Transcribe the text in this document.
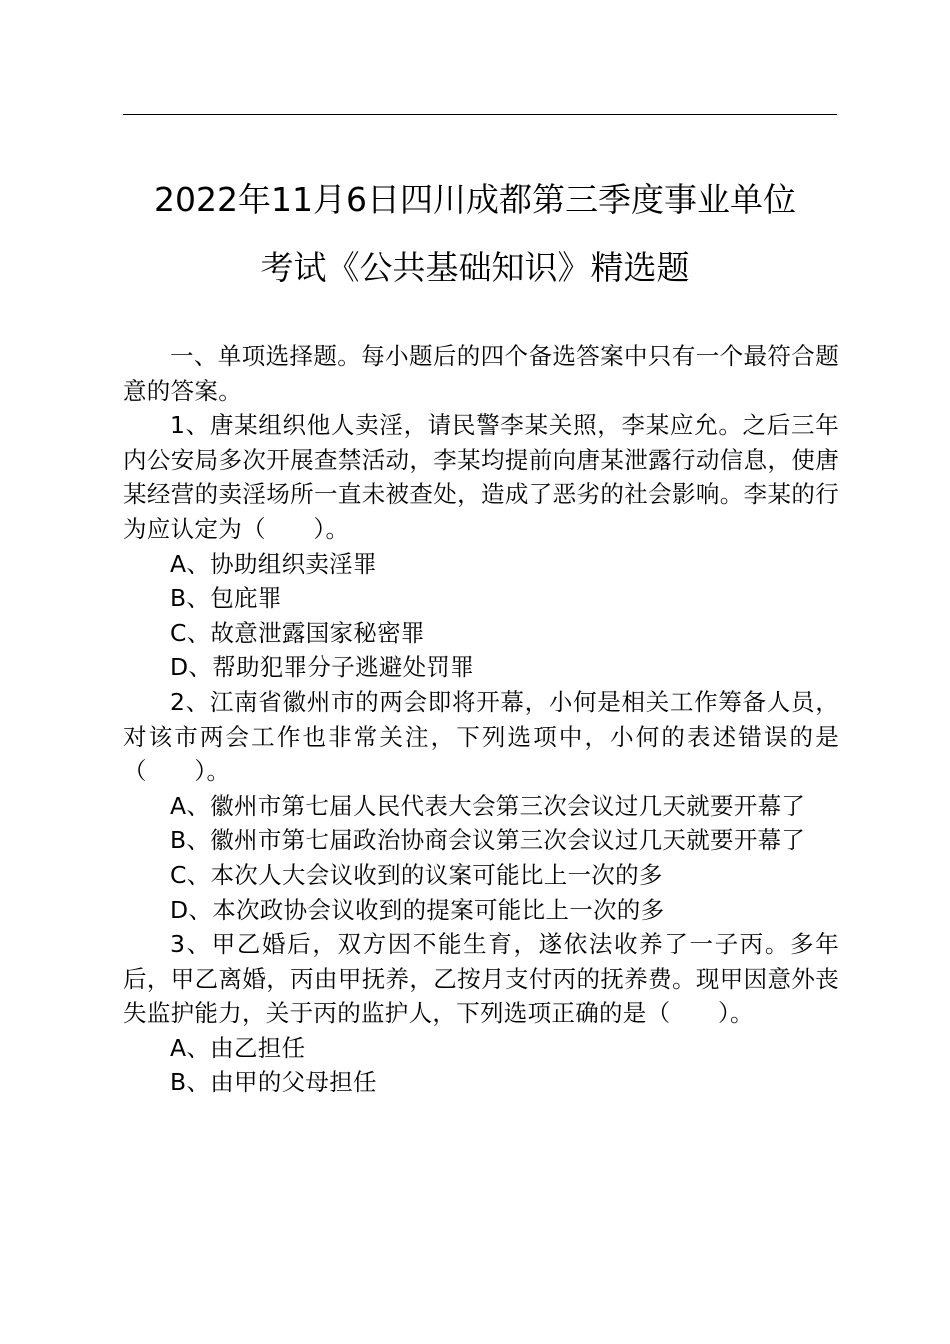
2022年11月6日四川成都第三季度事业单位
考试《公共基础知识》精选题

一、单项选择题。每小题后的四个备选答案中只有一个最符合题意的答案。

1、唐某组织他人卖淫，请民警李某关照，李某应允。之后三年内公安局多次开展查禁活动，李某均提前向唐某泄露行动信息，使唐某经营的卖淫场所一直未被查处，造成了恶劣的社会影响。李某的行为应认定为（　　）。

A、协助组织卖淫罪

B、包庇罪

C、故意泄露国家秘密罪

D、帮助犯罪分子逃避处罚罪

2、江南省徽州市的两会即将开幕，小何是相关工作筹备人员，对该市两会工作也非常关注，下列选项中，小何的表述错误的是（　　）。

A、徽州市第七届人民代表大会第三次会议过几天就要开幕了

B、徽州市第七届政治协商会议第三次会议过几天就要开幕了

C、本次人大会议收到的议案可能比上一次的多

D、本次政协会议收到的提案可能比上一次的多

3、甲乙婚后，双方因不能生育，遂依法收养了一子丙。多年后，甲乙离婚，丙由甲抚养，乙按月支付丙的抚养费。现甲因意外丧失监护能力，关于丙的监护人，下列选项正确的是（　　）。

A、由乙担任

B、由甲的父母担任
